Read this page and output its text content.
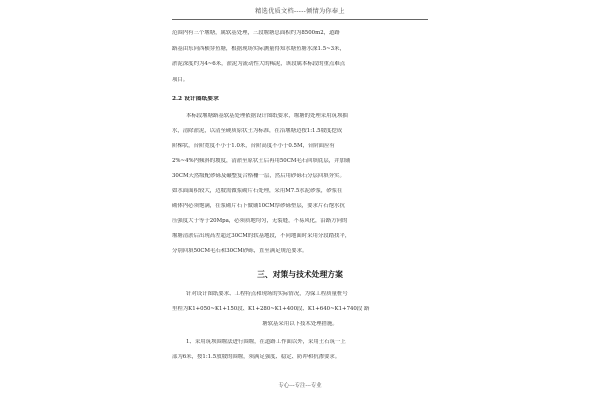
精选优质文档-----倾情为你奉上
范围内有三个堰塘，属软基处理，三段堰塘总面积约为8500m2，道路
路基由东向西横穿鱼塘，根据现场实际测量得知水塘鱼塘水深1.5~3米，
淤泥深度约为4~6米，淤泥为流动性大的稀泥，该段属本标段的重点难点
项目。
2.2 设计图纸要求
本标段堰塘路基软基处理依据设计图纸要求，堰塘的处理采用筑坝抽
水，清除淤泥，以清至硬质原状土为标准，在沿堰塘边按1:1.5坡度挖成
阶梯状，台阶宽度不小于1.0米，台阶高度不小于0.5M，台阶面应有
2%~4%内倾斜的坡度，清淤至原状土后再用50CM毛石回填底层，并加铺
30CM天然级配砂砾及碾整复合格栅一层，然后用砂砾石分层回填夯实。
如水面面积较大，边坡需做浆砌片石处理，采用M7.5水泥砂浆，砂浆在
砌体内必须饱满，在浆砌片石下做铺10CM厚砂砾垫层，要求片石饱水抗
压强度大于等于20Mpa，必须质地均匀，无裂缝，不易风化，沿路方向的
堰塘清淤后出现高差超过30CM的软基地段，不同地面时采用分段踏找平，
分别回填50CM毛石和30CM砂砾，直至满足规范要求。
三、对策与技术处理方案
针对设计图纸要求、工程特点和现场的实际情况，为保工程质量桩号
里程为K1+050~K1+150段、K1+280~K1+400段、K1+640~K1+740段 路
塘软基采用以下技术处理措施。
1、采用筑坝围堰法进行围堰，在道路工作面以外，采用土石筑一上
部为6米，按1:1.5放坡的围堰，须满足强度、稳定、防冲和抗渗要求。
专心---专注---专业
